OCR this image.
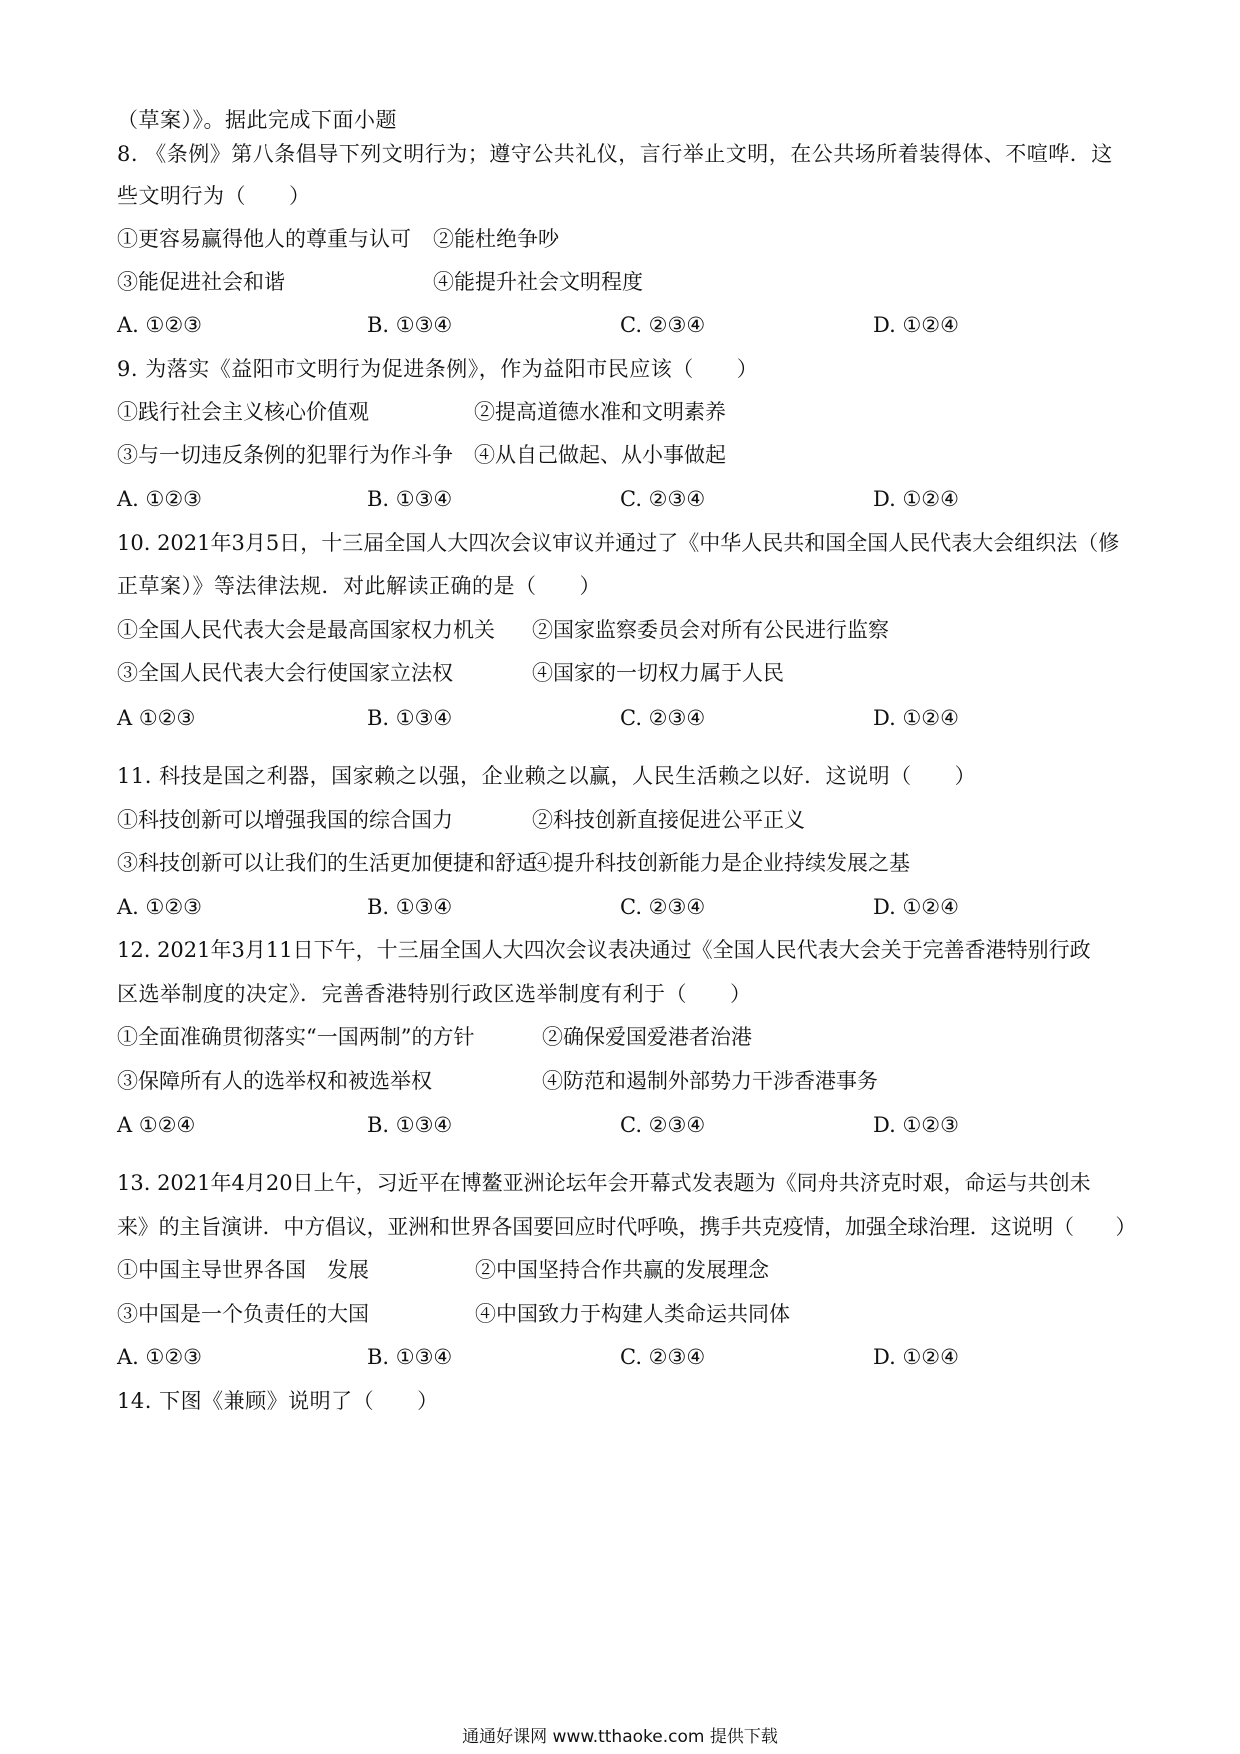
（草案）》。据此完成下面小题
8. 《条例》第八条倡导下列文明行为；遵守公共礼仪，言行举止文明，在公共场所着装得体、不喧哗．这
些文明行为（　　）
①更容易赢得他人的尊重与认可 ②能杜绝争吵
③能促进社会和谐	④能提升社会文明程度
A. ①②③	B. ①③④	C. ②③④	D. ①②④
9. 为落实《益阳市文明行为促进条例》，作为益阳市民应该（　　）
①践行社会主义核心价值观	②提高道德水准和文明素养
③与一切违反条例的犯罪行为作斗争 ④从自己做起、从小事做起
A. ①②③	B. ①③④	C. ②③④	D. ①②④
10. 2021年3月5日，十三届全国人大四次会议审议并通过了《中华人民共和国全国人民代表大会组织法（修
正草案）》等法律法规．对此解读正确的是（　　）
①全国人民代表大会是最高国家权力机关 ②国家监察委员会对所有公民进行监察
③全国人民代表大会行使国家立法权	④国家的一切权力属于人民
A ①②③	B. ①③④	C. ②③④	D. ①②④
11. 科技是国之利器，国家赖之以强，企业赖之以赢，人民生活赖之以好．这说明（　　）
①科技创新可以增强我国的综合国力	②科技创新直接促进公平正义
③科技创新可以让我们的生活更加便捷和舒适
④提升科技创新能力是企业持续发展之基
A. ①②③	B. ①③④	C. ②③④	D. ①②④
12. 2021年3月11日下午，十三届全国人大四次会议表决通过《全国人民代表大会关于完善香港特别行政
区选举制度的决定》．完善香港特别行政区选举制度有利于（　　）
①全面准确贯彻落实“一国两制”的方针	②确保爱国爱港者治港
③保障所有人的选举权和被选举权	④防范和遏制外部势力干涉香港事务
A ①②④	B. ①③④	C. ②③④	D. ①②③
13. 2021年4月20日上午，习近平在博鳌亚洲论坛年会开幕式发表题为《同舟共济克时艰，命运与共创未
来》的主旨演讲．中方倡议，亚洲和世界各国要回应时代呼唤，携手共克疫情，加强全球治理．这说明（　　）
①中国主导世界各国　发展	②中国坚持合作共赢的发展理念
③中国是一个负责任的大国	④中国致力于构建人类命运共同体
A. ①②③	B. ①③④	C. ②③④	D. ①②④
14. 下图《兼顾》说明了（　　）
通通好课网 www.tthaoke.com 提供下载
